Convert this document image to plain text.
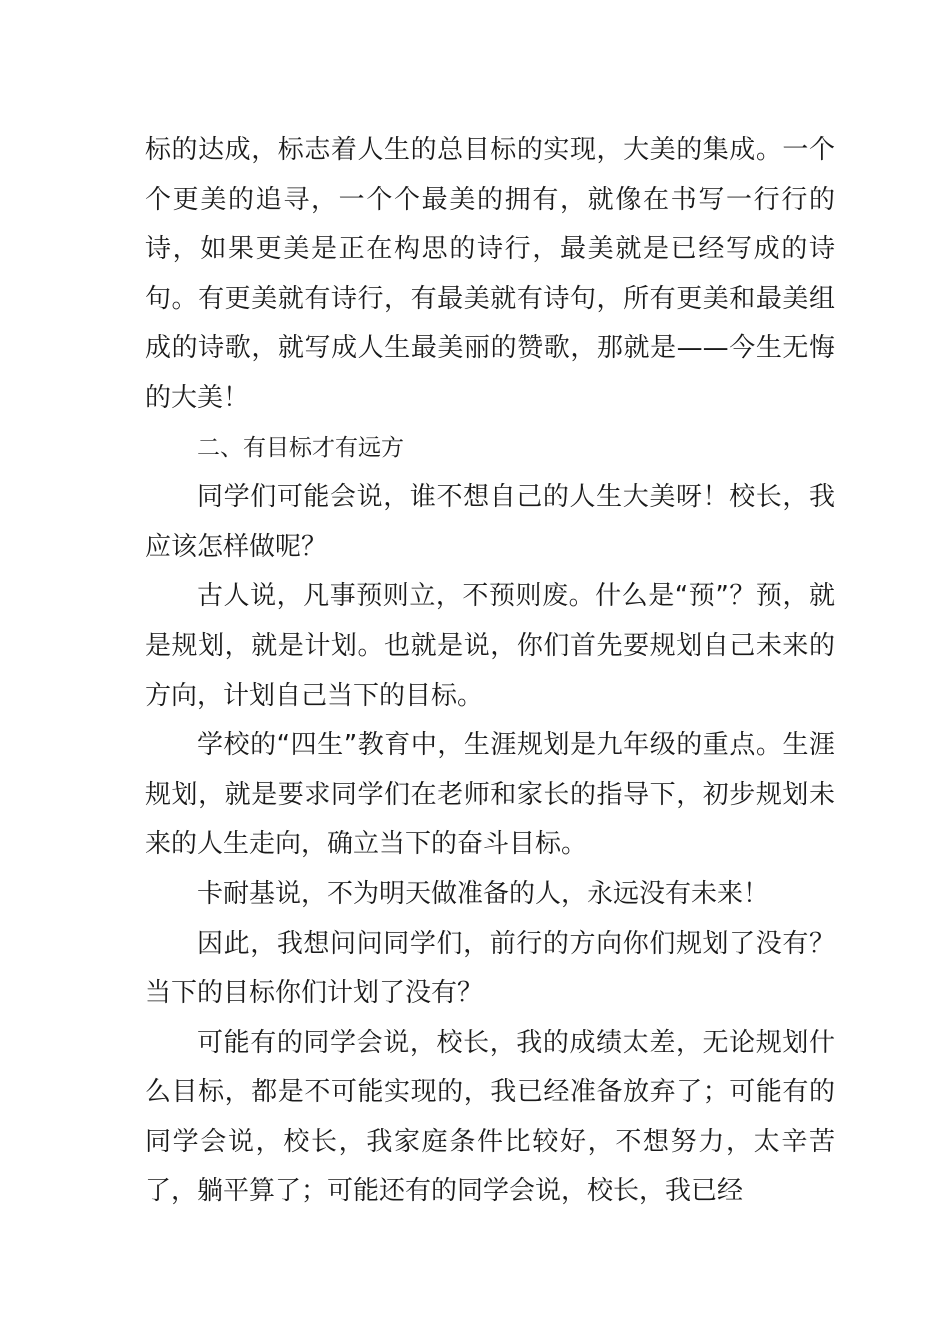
标的达成，标志着人生的总目标的实现，大美的集成。一个个更美的追寻，一个个最美的拥有，就像在书写一行行的诗，如果更美是正在构思的诗行，最美就是已经写成的诗句。有更美就有诗行，有最美就有诗句，所有更美和最美组成的诗歌，就写成人生最美丽的赞歌，那就是——今生无悔的大美！

二、有目标才有远方

同学们可能会说，谁不想自己的人生大美呀！校长，我应该怎样做呢？

古人说，凡事预则立，不预则废。什么是“预”？预，就是规划，就是计划。也就是说，你们首先要规划自己未来的方向，计划自己当下的目标。

学校的“四生”教育中，生涯规划是九年级的重点。生涯规划，就是要求同学们在老师和家长的指导下，初步规划未来的人生走向，确立当下的奋斗目标。

卡耐基说，不为明天做准备的人，永远没有未来！

因此，我想问问同学们，前行的方向你们规划了没有？当下的目标你们计划了没有？

可能有的同学会说，校长，我的成绩太差，无论规划什么目标，都是不可能实现的，我已经准备放弃了；可能有的同学会说，校长，我家庭条件比较好，不想努力，太辛苦了，躺平算了；可能还有的同学会说，校长，我已经
